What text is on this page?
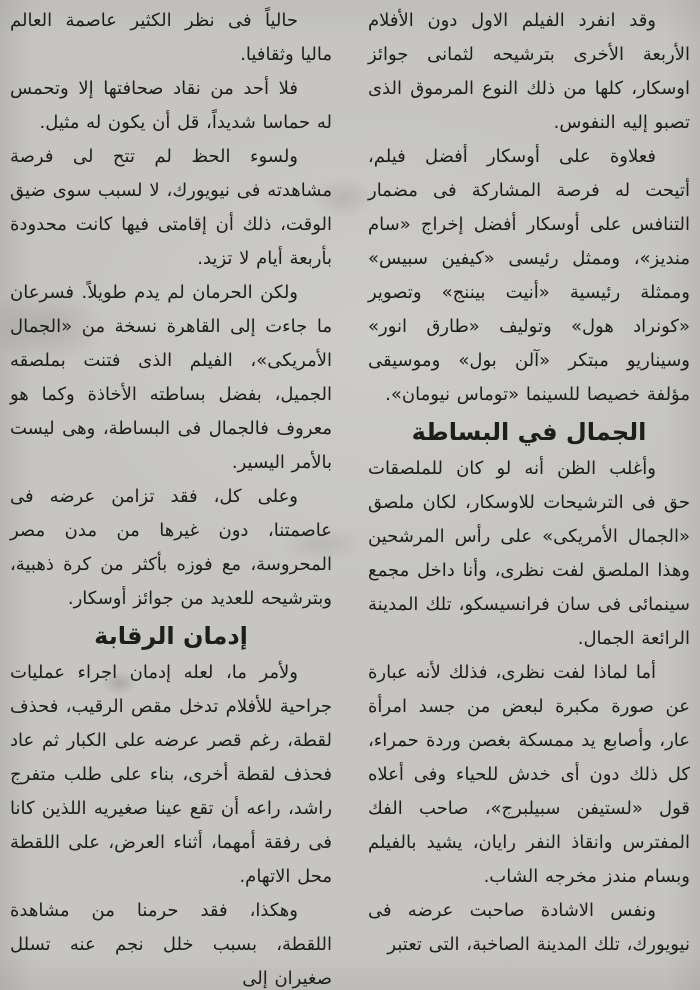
وقد انفرد الفيلم الاول دون الأفلام الأربعة الأخرى بترشيحه لثمانى جوائز اوسكار، كلها من ذلك النوع المرموق الذى تصبو إليه النفوس.

فعلاوة على أوسكار أفضل فيلم، أتيحت له فرصة المشاركة فى مضمار التنافس على أوسكار أفضل إخراج «سام منديز»، وممثل رئيسى «كيفين سبيس» وممثلة رئيسية «أنيت بيننج» وتصوير «كونراد هول» وتوليف «طارق انور» وسيناريو مبتكر «آلن بول» وموسيقى مؤلفة خصيصا للسينما «توماس نيومان».

الجمال في البساطة

وأغلب الظن أنه لو كان للملصقات حق فى الترشيحات للاوسكار، لكان ملصق «الجمال الأمريكى» على رأس المرشحين وهذا الملصق لفت نظرى، وأنا داخل مجمع سينمائى فى سان فرانسيسكو، تلك المدينة الرائعة الجمال.

أما لماذا لفت نظرى، فذلك لأنه عبارة عن صورة مكبرة لبعض من جسد امرأة عار، وأصابع يد ممسكة بغصن وردة حمراء، كل ذلك دون أى خدش للحياء وفى أعلاه قول «لستيفن سبيلبرج»، صاحب الفك المفترس وانقاذ النفر رايان، يشيد بالفيلم وبسام مندز مخرجه الشاب.

ونفس الاشادة صاحبت عرضه فى نيويورك، تلك المدينة الصاخبة، التى تعتبر

حالياً فى نظر الكثير عاصمة العالم ماليا وثقافيا.

فلا أحد من نقاد صحافتها إلا وتحمس له حماسا شديداً، قل أن يكون له مثيل.

ولسوء الحظ لم تتح لى فرصة مشاهدته فى نيويورك، لا لسبب سوى ضيق الوقت، ذلك أن إقامتى فيها كانت محدودة بأربعة أيام لا تزيد.

ولكن الحرمان لم يدم طويلاً. فسرعان ما جاءت إلى القاهرة نسخة من «الجمال الأمريكى»، الفيلم الذى فتنت بملصقه الجميل، بفضل بساطته الأخاذة وكما هو معروف فالجمال فى البساطة، وهى ليست بالأمر اليسير.

وعلى كل، فقد تزامن عرضه فى عاصمتنا، دون غيرها من مدن مصر المحروسة، مع فوزه بأكثر من كرة ذهبية، وبترشيحه للعديد من جوائز أوسكار.

إدمان الرقابة

ولأمر ما، لعله إدمان اجراء عمليات جراحية للأفلام تدخل مقص الرقيب، فحذف لقطة، رغم قصر عرضه على الكبار ثم عاد فحذف لقطة أخرى، بناء على طلب متفرج راشد، راعه أن تقع عينا صغيريه اللذين كانا فى رفقة أمهما، أثناء العرض، على اللقطة محل الاتهام.

وهكذا، فقد حرمنا من مشاهدة اللقطة، بسبب خلل نجم عنه تسلل صغيران إلى
